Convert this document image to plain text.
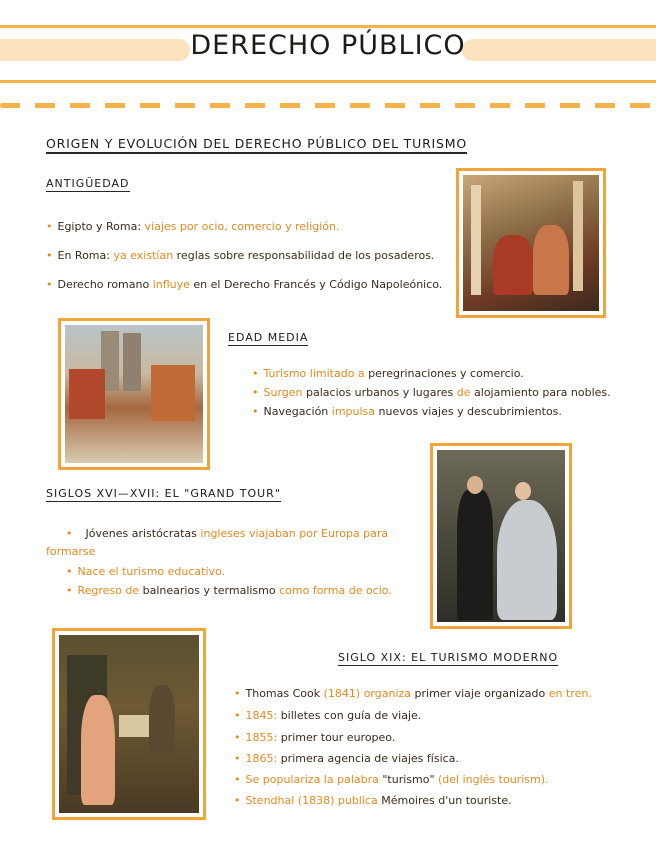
DERECHO PÚBLICO
ORIGEN Y EVOLUCIÓN DEL DERECHO PÚBLICO DEL TURISMO
ANTIGÜEDAD
• Egipto y Roma: viajes por ocio, comercio y religión.
• En Roma: ya existían reglas sobre responsabilidad de los posaderos.
• Derecho romano influye en el Derecho Francés y Código Napoleónico.
EDAD MEDIA
• Turismo limitado a peregrinaciones y comercio.
• Surgen palacios urbanos y lugares de alojamiento para nobles.
• Navegación impulsa nuevos viajes y descubrimientos.
SIGLOS XVI—XVII: EL "GRAND TOUR"
• Jóvenes aristócratas ingleses viajaban por Europa para
formarse
• Nace el turismo educativo.
• Regreso de balnearios y termalismo como forma de ocio.
SIGLO XIX: EL TURISMO MODERNO
• Thomas Cook (1841) organiza primer viaje organizado en tren.
• 1845: billetes con guía de viaje.
• 1855: primer tour europeo.
• 1865: primera agencia de viajes física.
• Se populariza la palabra "turismo" (del inglés tourism).
• Stendhal (1838) publica Mémoires d'un touriste.
